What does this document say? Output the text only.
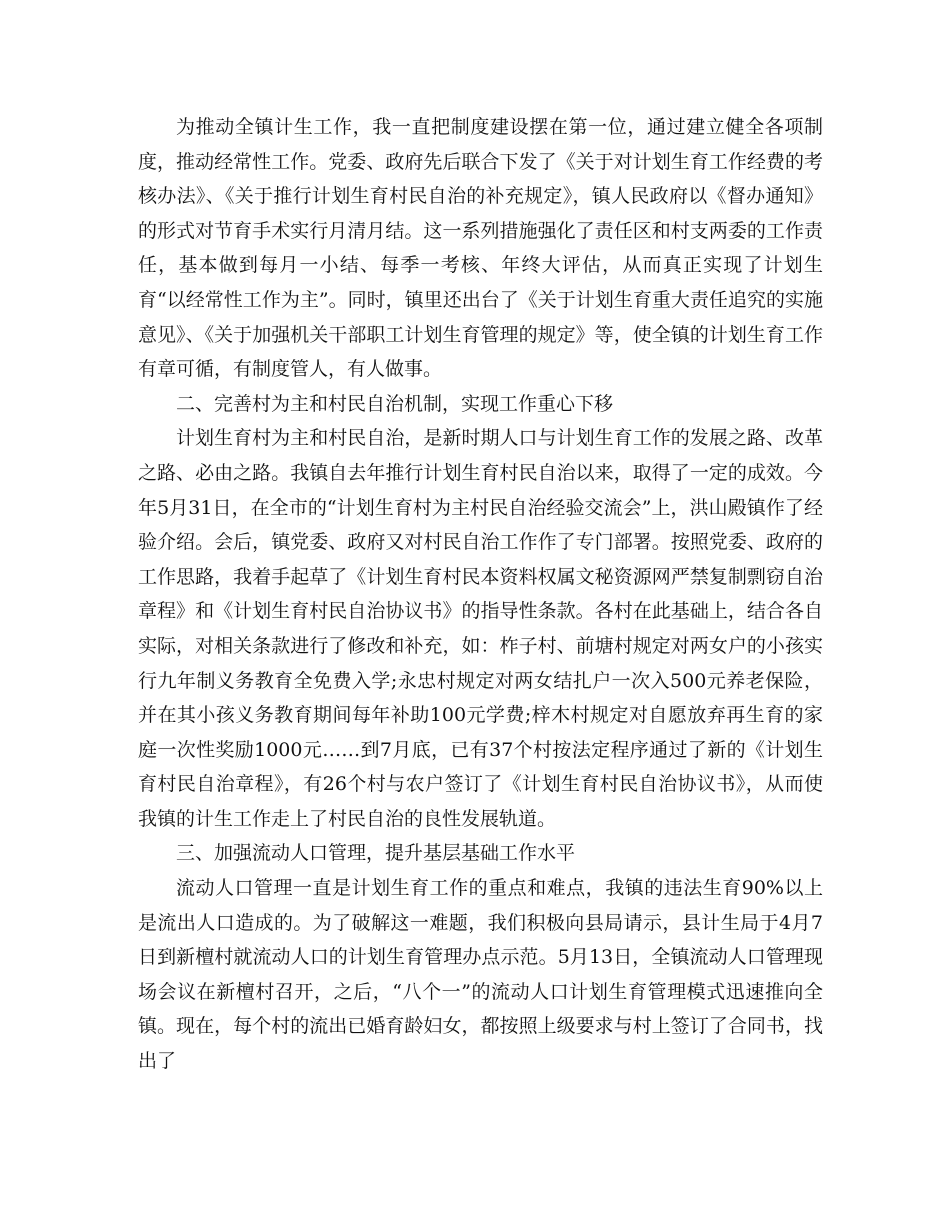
为推动全镇计生工作，我一直把制度建设摆在第一位，通过建立健全各项制度，推动经常性工作。党委、政府先后联合下发了《关于对计划生育工作经费的考核办法》、《关于推行计划生育村民自治的补充规定》，镇人民政府以《督办通知》的形式对节育手术实行月清月结。这一系列措施强化了责任区和村支两委的工作责任，基本做到每月一小结、每季一考核、年终大评估，从而真正实现了计划生育“以经常性工作为主”。同时，镇里还出台了《关于计划生育重大责任追究的实施意见》、《关于加强机关干部职工计划生育管理的规定》等，使全镇的计划生育工作有章可循，有制度管人，有人做事。

二、完善村为主和村民自治机制，实现工作重心下移

计划生育村为主和村民自治，是新时期人口与计划生育工作的发展之路、改革之路、必由之路。我镇自去年推行计划生育村民自治以来，取得了一定的成效。今年5月31日，在全市的“计划生育村为主村民自治经验交流会”上，洪山殿镇作了经验介绍。会后，镇党委、政府又对村民自治工作作了专门部署。按照党委、政府的工作思路，我着手起草了《计划生育村民本资料权属文秘资源网严禁复制剽窃自治章程》和《计划生育村民自治协议书》的指导性条款。各村在此基础上，结合各自实际，对相关条款进行了修改和补充，如：柞子村、前塘村规定对两女户的小孩实行九年制义务教育全免费入学;永忠村规定对两女结扎户一次入500元养老保险，并在其小孩义务教育期间每年补助100元学费;梓木村规定对自愿放弃再生育的家庭一次性奖励1000元……到7月底，已有37个村按法定程序通过了新的《计划生育村民自治章程》，有26个村与农户签订了《计划生育村民自治协议书》，从而使我镇的计生工作走上了村民自治的良性发展轨道。

三、加强流动人口管理，提升基层基础工作水平

流动人口管理一直是计划生育工作的重点和难点，我镇的违法生育90%以上是流出人口造成的。为了破解这一难题，我们积极向县局请示，县计生局于4月7日到新檀村就流动人口的计划生育管理办点示范。5月13日，全镇流动人口管理现场会议在新檀村召开，之后，“八个一”的流动人口计划生育管理模式迅速推向全镇。现在，每个村的流出已婚育龄妇女，都按照上级要求与村上签订了合同书，找出了
